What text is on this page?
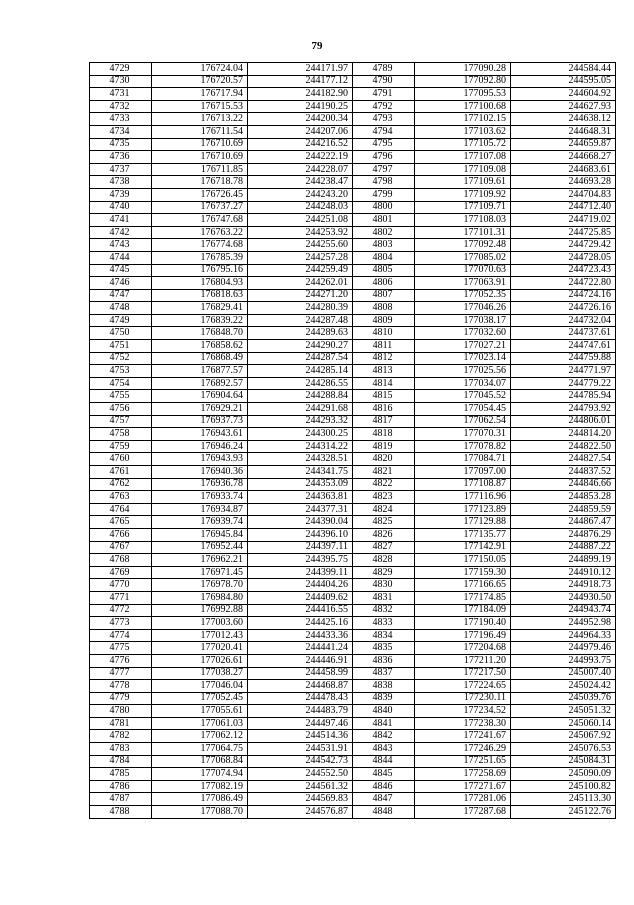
79
4729	176724.04	244171.97	4789	177090.28	244584.44
4730	176720.57	244177.12	4790	177092.80	244595.05
4731	176717.94	244182.90	4791	177095.53	244604.92
4732	176715.53	244190.25	4792	177100.68	244627.93
4733	176713.22	244200.34	4793	177102.15	244638.12
4734	176711.54	244207.06	4794	177103.62	244648.31
4735	176710.69	244216.52	4795	177105.72	244659.87
4736	176710.69	244222.19	4796	177107.08	244668.27
4737	176711.85	244228.07	4797	177109.08	244683.61
4738	176718.78	244238.47	4798	177109.61	244693.28
4739	176726.45	244243.20	4799	177109.92	244704.83
4740	176737.27	244248.03	4800	177109.71	244712.40
4741	176747.68	244251.08	4801	177108.03	244719.02
4742	176763.22	244253.92	4802	177101.31	244725.85
4743	176774.68	244255.60	4803	177092.48	244729.42
4744	176785.39	244257.28	4804	177085.02	244728.05
4745	176795.16	244259.49	4805	177070.63	244723.43
4746	176804.93	244262.01	4806	177063.91	244722.80
4747	176818.63	244271.20	4807	177052.35	244724.16
4748	176829.41	244280.39	4808	177046.26	244726.16
4749	176839.22	244287.48	4809	177038.17	244732.04
4750	176848.70	244289.63	4810	177032.60	244737.61
4751	176858.62	244290.27	4811	177027.21	244747.61
4752	176868.49	244287.54	4812	177023.14	244759.88
4753	176877.57	244285.14	4813	177025.56	244771.97
4754	176892.57	244286.55	4814	177034.07	244779.22
4755	176904.64	244288.84	4815	177045.52	244785.94
4756	176929.21	244291.68	4816	177054.45	244793.92
4757	176937.73	244293.32	4817	177062.54	244806.01
4758	176943.61	244300.25	4818	177070.31	244814.20
4759	176946.24	244314.22	4819	177078.82	244822.50
4760	176943.93	244328.51	4820	177084.71	244827.54
4761	176940.36	244341.75	4821	177097.00	244837.52
4762	176936.78	244353.09	4822	177108.87	244846.66
4763	176933.74	244363.81	4823	177116.96	244853.28
4764	176934.87	244377.31	4824	177123.89	244859.59
4765	176939.74	244390.04	4825	177129.88	244867.47
4766	176945.84	244396.10	4826	177135.77	244876.29
4767	176952.44	244397.11	4827	177142.91	244887.22
4768	176962.21	244395.75	4828	177150.05	244899.19
4769	176971.45	244399.11	4829	177159.30	244910.12
4770	176978.70	244404.26	4830	177166.65	244918.73
4771	176984.80	244409.62	4831	177174.85	244930.50
4772	176992.88	244416.55	4832	177184.09	244943.74
4773	177003.60	244425.16	4833	177190.40	244952.98
4774	177012.43	244433.36	4834	177196.49	244964.33
4775	177020.41	244441.24	4835	177204.68	244979.46
4776	177026.61	244446.91	4836	177211.20	244993.75
4777	177038.27	244458.99	4837	177217.50	245007.40
4778	177046.04	244468.87	4838	177224.65	245024.42
4779	177052.45	244478.43	4839	177230.11	245039.76
4780	177055.61	244483.79	4840	177234.52	245051.32
4781	177061.03	244497.46	4841	177238.30	245060.14
4782	177062.12	244514.36	4842	177241.67	245067.92
4783	177064.75	244531.91	4843	177246.29	245076.53
4784	177068.84	244542.73	4844	177251.65	245084.31
4785	177074.94	244552.50	4845	177258.69	245090.09
4786	177082.19	244561.32	4846	177271.67	245100.82
4787	177086.49	244569.83	4847	177281.06	245113.30
4788	177088.70	244576.87	4848	177287.68	245122.76
